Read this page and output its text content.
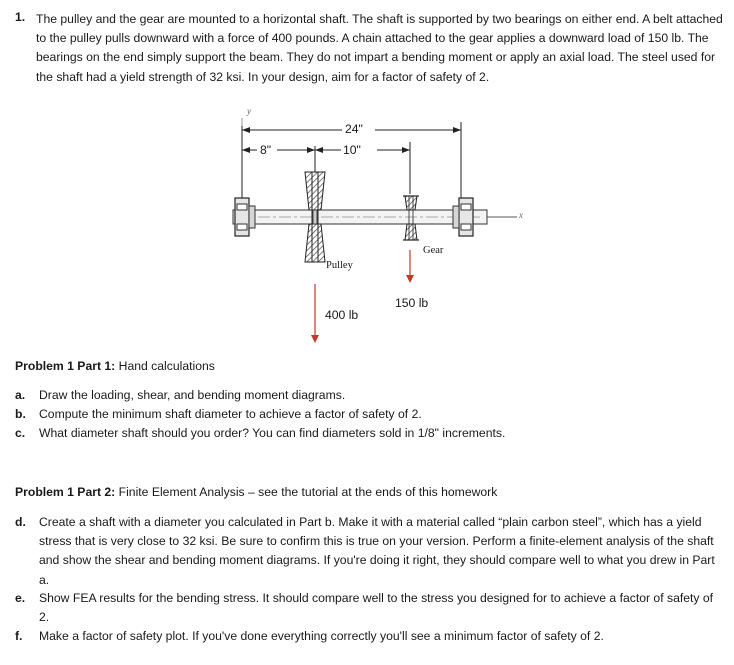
1. The pulley and the gear are mounted to a horizontal shaft. The shaft is supported by two bearings on either end. A belt attached to the pulley pulls downward with a force of 400 pounds. A chain attached to the gear applies a downward load of 150 lb. The bearings on the end simply support the beam. They do not impart a bending moment or apply an axial load. The steel used for the shaft had a yield strength of 32 ksi. In your design, aim for a factor of safety of 2.
y
x
24"
8"	10"
Pulley
Gear
400 lb
150 lb
Problem 1 Part 1: Hand calculations
a. Draw the loading, shear, and bending moment diagrams.
b. Compute the minimum shaft diameter to achieve a factor of safety of 2.
c. What diameter shaft should you order? You can find diameters sold in 1/8" increments.
Problem 1 Part 2: Finite Element Analysis – see the tutorial at the ends of this homework
d. Create a shaft with a diameter you calculated in Part b. Make it with a material called “plain carbon steel”, which has a yield stress that is very close to 32 ksi. Be sure to confirm this is true on your version. Perform a finite-element analysis of the shaft and show the shear and bending moment diagrams. If you're doing it right, they should compare well to what you drew in Part a.
e. Show FEA results for the bending stress. It should compare well to the stress you designed for to achieve a factor of safety of 2.
f. Make a factor of safety plot. If you've done everything correctly you'll see a minimum factor of safety of 2.
